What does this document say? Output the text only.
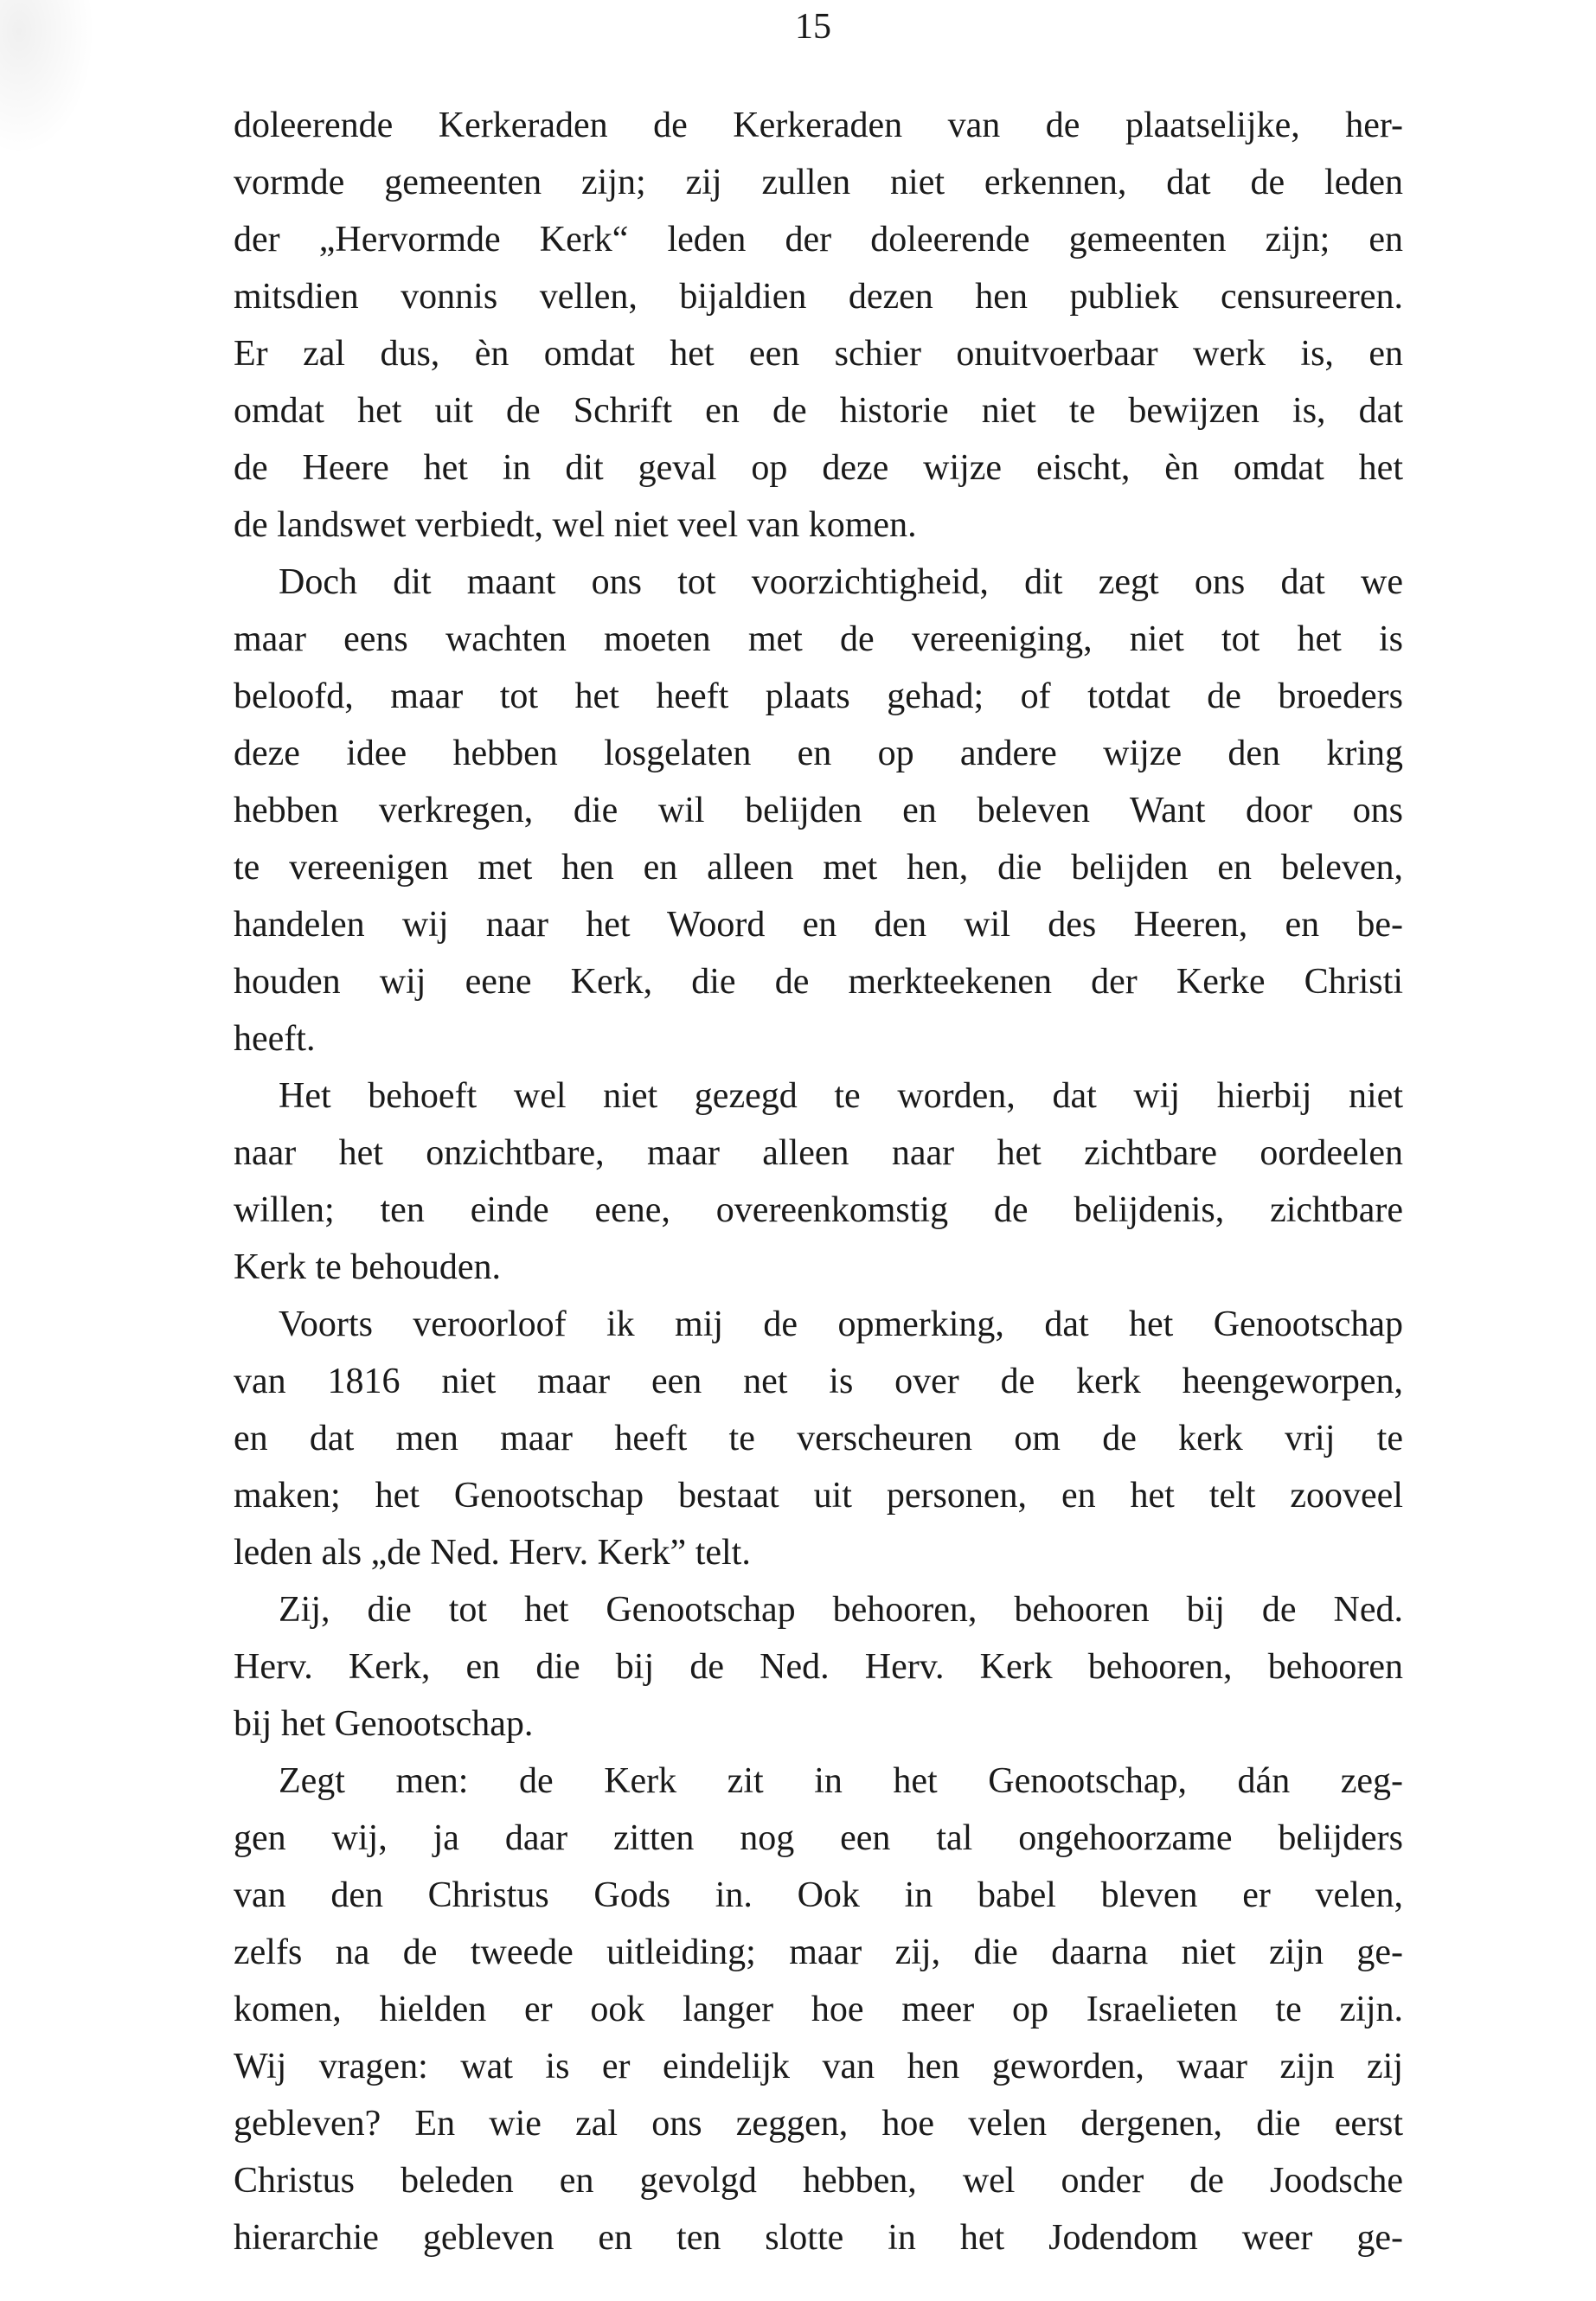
15
doleerende Kerkeraden de Kerkeraden van de plaatselijke, her-
vormde gemeenten zijn; zij zullen niet erkennen, dat de leden
der „Hervormde Kerk“ leden der doleerende gemeenten zijn; en
mitsdien vonnis vellen, bijaldien dezen hen publiek censureeren.
Er zal dus, èn omdat het een schier onuitvoerbaar werk is, en
omdat het uit de Schrift en de historie niet te bewijzen is, dat
de Heere het in dit geval op deze wijze eischt, èn omdat het
de landswet verbiedt, wel niet veel van komen.
Doch dit maant ons tot voorzichtigheid, dit zegt ons dat we
maar eens wachten moeten met de vereeniging, niet tot het is
beloofd, maar tot het heeft plaats gehad; of totdat de broeders
deze idee hebben losgelaten en op andere wijze den kring
hebben verkregen, die wil belijden en beleven Want door ons
te vereenigen met hen en alleen met hen, die belijden en beleven,
handelen wij naar het Woord en den wil des Heeren, en be-
houden wij eene Kerk, die de merkteekenen der Kerke Christi
heeft.
Het behoeft wel niet gezegd te worden, dat wij hierbij niet
naar het onzichtbare, maar alleen naar het zichtbare oordeelen
willen; ten einde eene, overeenkomstig de belijdenis, zichtbare
Kerk te behouden.
Voorts veroorloof ik mij de opmerking, dat het Genootschap
van 1816 niet maar een net is over de kerk heengeworpen,
en dat men maar heeft te verscheuren om de kerk vrij te
maken; het Genootschap bestaat uit personen, en het telt zooveel
leden als „de Ned. Herv. Kerk” telt.
Zij, die tot het Genootschap behooren, behooren bij de Ned.
Herv. Kerk, en die bij de Ned. Herv. Kerk behooren, behooren
bij het Genootschap.
Zegt men: de Kerk zit in het Genootschap, dán zeg-
gen wij, ja daar zitten nog een tal ongehoorzame belijders
van den Christus Gods in. Ook in babel bleven er velen,
zelfs na de tweede uitleiding; maar zij, die daarna niet zijn ge-
komen, hielden er ook langer hoe meer op Israelieten te zijn.
Wij vragen: wat is er eindelijk van hen geworden, waar zijn zij
gebleven? En wie zal ons zeggen, hoe velen dergenen, die eerst
Christus beleden en gevolgd hebben, wel onder de Joodsche
hierarchie gebleven en ten slotte in het Jodendom weer ge-
